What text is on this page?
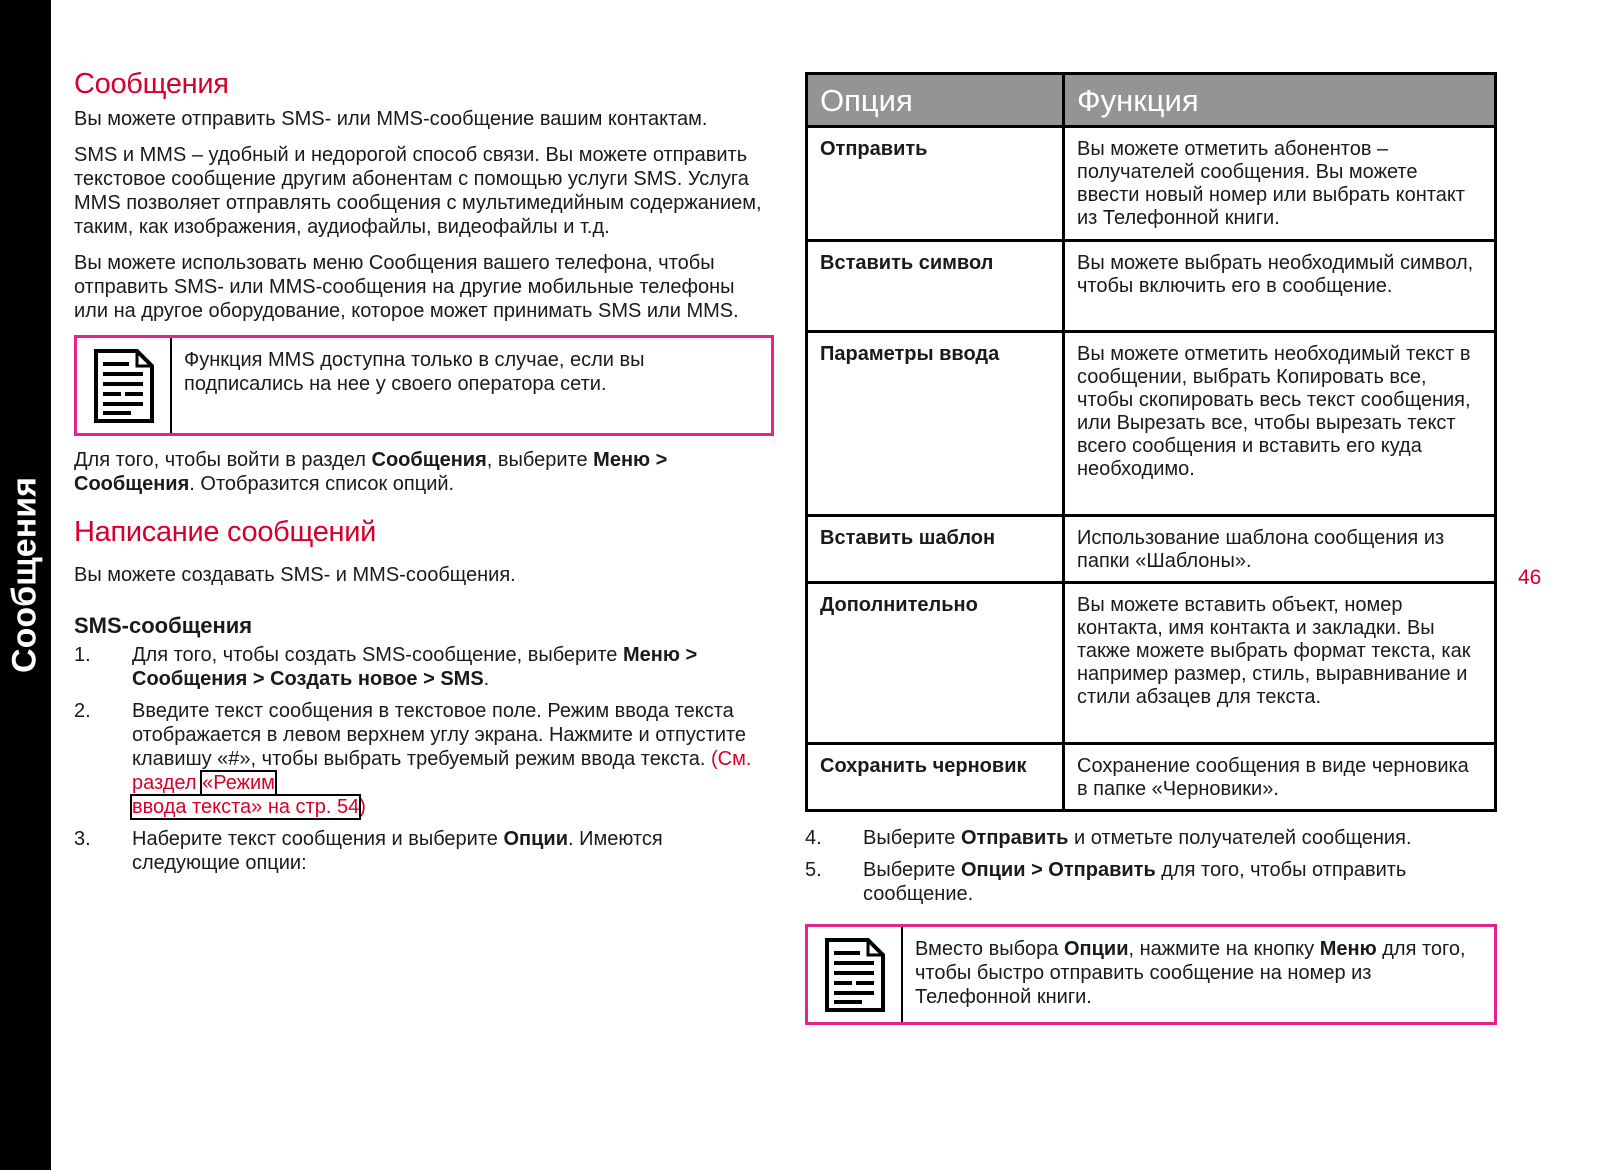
Сообщения	46
Сообщения

Вы можете отправить SMS- или MMS-сообщение вашим контактам.

SMS и MMS – удобный и недорогой способ связи. Вы можете отправить текстовое сообщение другим абонентам с помощью услуги SMS. Услуга MMS позволяет отправлять сообщения с мультимедийным содержанием, таким, как изображения, аудиофайлы, видеофайлы и т.д.

Вы можете использовать меню Сообщения вашего телефона, чтобы отправить SMS- или MMS-сообщения на другие мобильные телефоны или на другое оборудование, которое может принимать SMS или MMS.

Функция MMS доступна только в случае, если вы подписались на нее у своего оператора сети.

Для того, чтобы войти в раздел Сообщения, выберите Меню > Сообщения. Отобразится список опций.

Написание сообщений

Вы можете создавать SMS- и MMS-сообщения.

SMS-сообщения
1.	Для того, чтобы создать SMS-сообщение, выберите Меню > Сообщения > Создать новое > SMS.
2.	Введите текст сообщения в текстовое поле. Режим ввода текста отображается в левом верхнем углу экрана. Нажмите и отпустите клавишу «#», чтобы выбрать требуемый режим ввода текста. (См. раздел «Режим
ввода текста» на стр. 54)
3.	Наберите текст сообщения и выберите Опции. Имеются следующие опции:
Опция	Функция
Отправить	Вы можете отметить абонентов – получателей сообщения. Вы можете ввести новый номер или выбрать контакт из Телефонной книги.
Вставить символ	Вы можете выбрать необходимый символ, чтобы включить его в сообщение.
Параметры ввода	Вы можете отметить необходимый текст в сообщении, выбрать Копировать все, чтобы скопировать весь текст сообщения, или Вырезать все, чтобы вырезать текст всего сообщения и вставить его куда необходимо.
Вставить шаблон	Использование шаблона сообщения из папки «Шаблоны».
Дополнительно	Вы можете вставить объект, номер контакта, имя контакта и закладки. Вы также можете выбрать формат текста, как например размер, стиль, выравнивание и стили абзацев для текста.
Сохранить черновик	Сохранение сообщения в виде черновика в папке «Черновики».
4.	Выберите Отправить и отметьте получателей сообщения.
5.	Выберите Опции > Отправить для того, чтобы отправить сообщение.
Вместо выбора Опции, нажмите на кнопку Меню для того, чтобы быстро отправить сообщение на номер из Телефонной книги.
